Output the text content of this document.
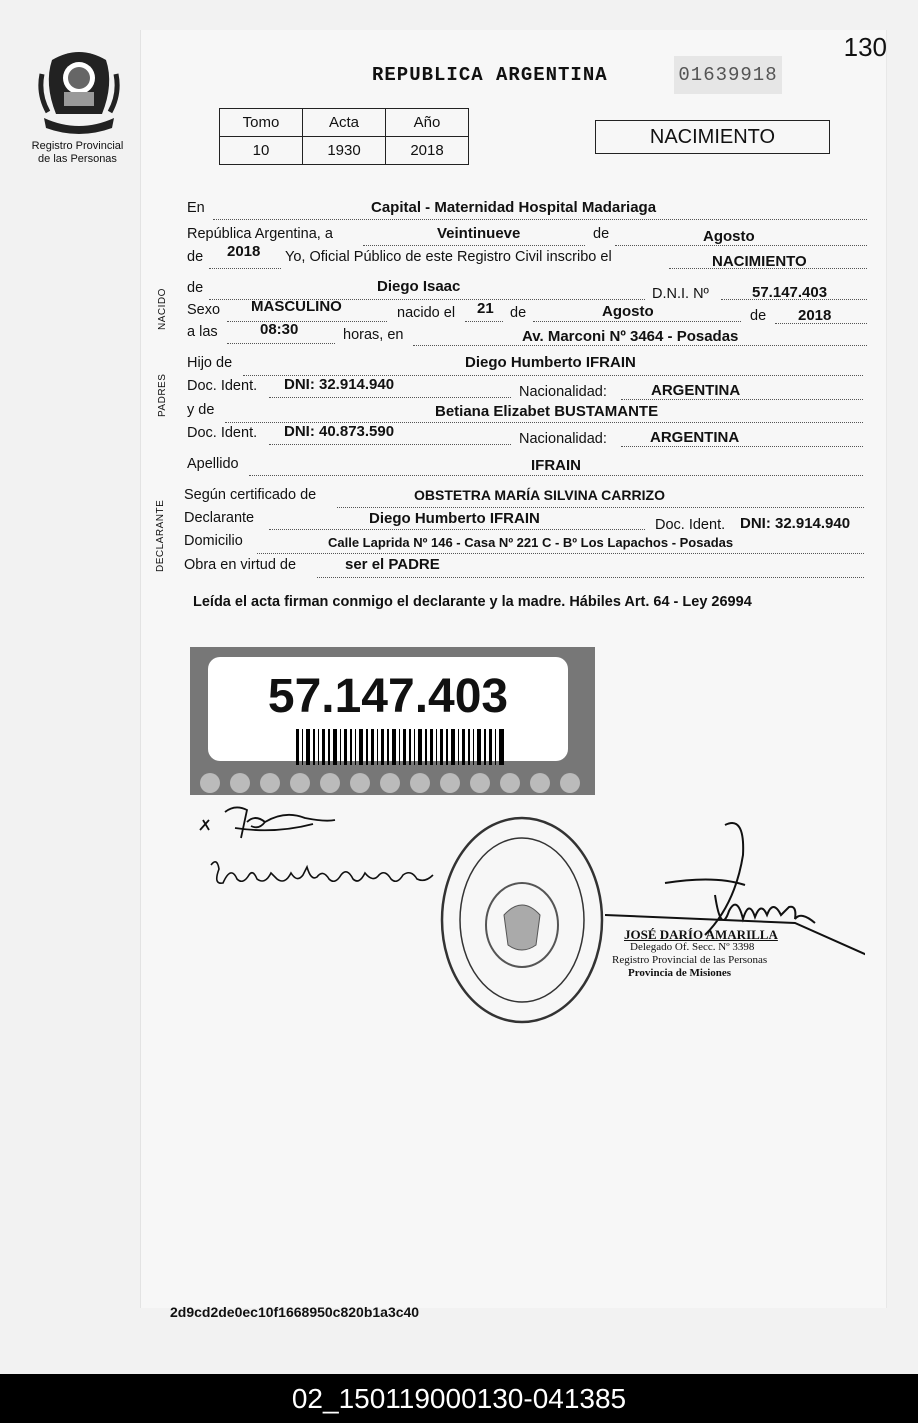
130
Registro Provincial
de las Personas
REPUBLICA ARGENTINA	01639918
Tomo	Acta	Año
10	1930	2018
NACIMIENTO
NACIDO
PADRES
DECLARANTE
En	Capital - Maternidad Hospital Madariaga
República Argentina, a	Veintinueve	de	Agosto
de 2018 Yo, Oficial Público de este Registro Civil inscribo el	NACIMIENTO
de	Diego Isaac	D.N.I. Nº	57.147.403
Sexo MASCULINO	nacido el 21 de	Agosto	de 2018
a las	08:30	horas, en	Av. Marconi Nº 3464 - Posadas
Hijo de	Diego Humberto IFRAIN
Doc. Ident. DNI: 32.914.940	Nacionalidad:	ARGENTINA
y de	Betiana Elizabet BUSTAMANTE
Doc. Ident. DNI: 40.873.590	Nacionalidad:	ARGENTINA
Apellido	IFRAIN
Según certificado de	OBSTETRA MARÍA SILVINA CARRIZO
Declarante	Diego Humberto IFRAIN	Doc. Ident. DNI: 32.914.940
Domicilio	Calle Laprida Nº 146 - Casa Nº 221 C - Bº Los Lapachos - Posadas
Obra en virtud de	ser el PADRE
Leída el acta firman conmigo el declarante y la madre. Hábiles Art. 64 - Ley 26994
57.147.403
JOSÉ DARÍO AMARILLA
Delegado Of. Secc. Nº 3398
Registro Provincial de las Personas
Provincia de Misiones
2d9cd2de0ec10f1668950c820b1a3c40
02_150119000130-041385
